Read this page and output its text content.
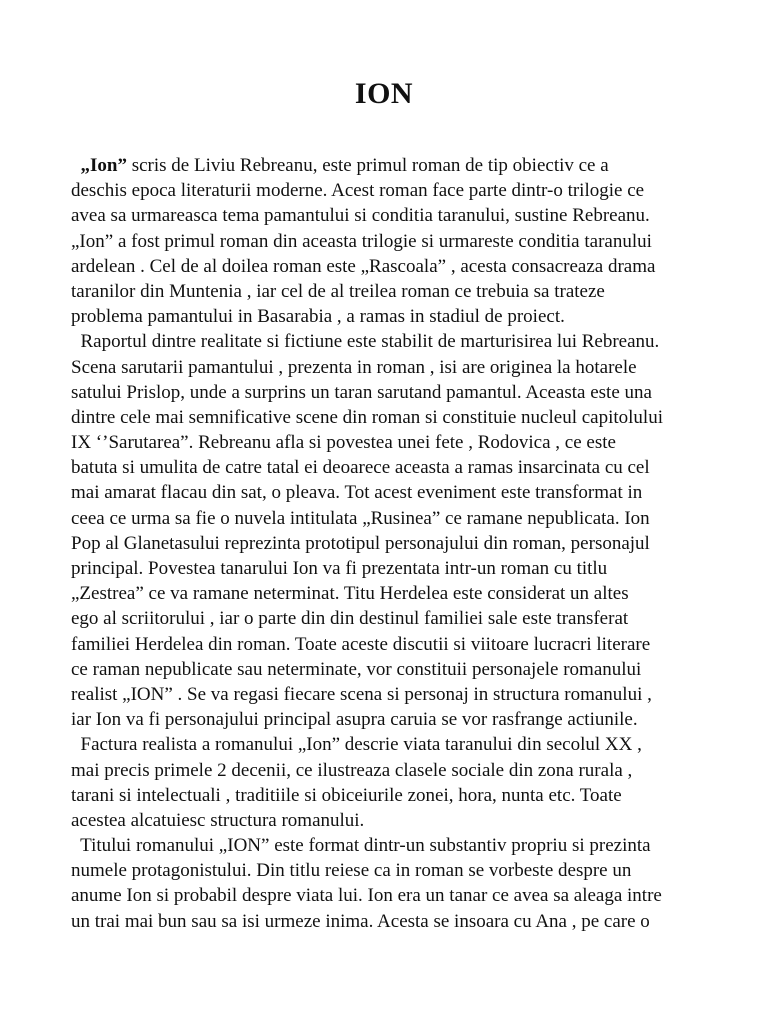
ION
„Ion” scris de Liviu Rebreanu, este primul roman de tip obiectiv ce a
deschis epoca literaturii moderne. Acest roman face parte dintr-o trilogie ce
avea sa urmareasca tema pamantului si conditia taranului, sustine Rebreanu.
„Ion” a fost primul roman din aceasta trilogie si urmareste conditia taranului
ardelean . Cel de al doilea roman este „Rascoala” , acesta consacreaza drama
taranilor din Muntenia , iar cel de al treilea roman ce trebuia sa trateze
problema pamantului in Basarabia , a ramas in stadiul de proiect.
Raportul dintre realitate si fictiune este stabilit de marturisirea lui Rebreanu.
Scena sarutarii pamantului , prezenta in roman , isi are originea la hotarele
satului Prislop, unde a surprins un taran sarutand pamantul. Aceasta este una
dintre cele mai semnificative scene din roman si constituie nucleul capitolului
IX ‘’Sarutarea”. Rebreanu afla si povestea unei fete , Rodovica , ce este
batuta si umulita de catre tatal ei deoarece aceasta a ramas insarcinata cu cel
mai amarat flacau din sat, o pleava. Tot acest eveniment este transformat in
ceea ce urma sa fie o nuvela intitulata „Rusinea” ce ramane nepublicata. Ion
Pop al Glanetasului reprezinta prototipul personajului din roman, personajul
principal. Povestea tanarului Ion va fi prezentata intr-un roman cu titlu
„Zestrea” ce va ramane neterminat. Titu Herdelea este considerat un altes
ego al scriitorului , iar o parte din din destinul familiei sale este transferat
familiei Herdelea din roman. Toate aceste discutii si viitoare lucracri literare
ce raman nepublicate sau neterminate, vor constituii personajele romanului
realist „ION” . Se va regasi fiecare scena si personaj in structura romanului ,
iar Ion va fi personajului principal asupra caruia se vor rasfrange actiunile.
Factura realista a romanului „Ion” descrie viata taranului din secolul XX ,
mai precis primele 2 decenii, ce ilustreaza clasele sociale din zona rurala ,
tarani si intelectuali , traditiile si obiceiurile zonei, hora, nunta etc. Toate
acestea alcatuiesc structura romanului.
Titului romanului „ION” este format dintr-un substantiv propriu si prezinta
numele protagonistului. Din titlu reiese ca in roman se vorbeste despre un
anume Ion si probabil despre viata lui. Ion era un tanar ce avea sa aleaga intre
un trai mai bun sau sa isi urmeze inima. Acesta se insoara cu Ana , pe care o
